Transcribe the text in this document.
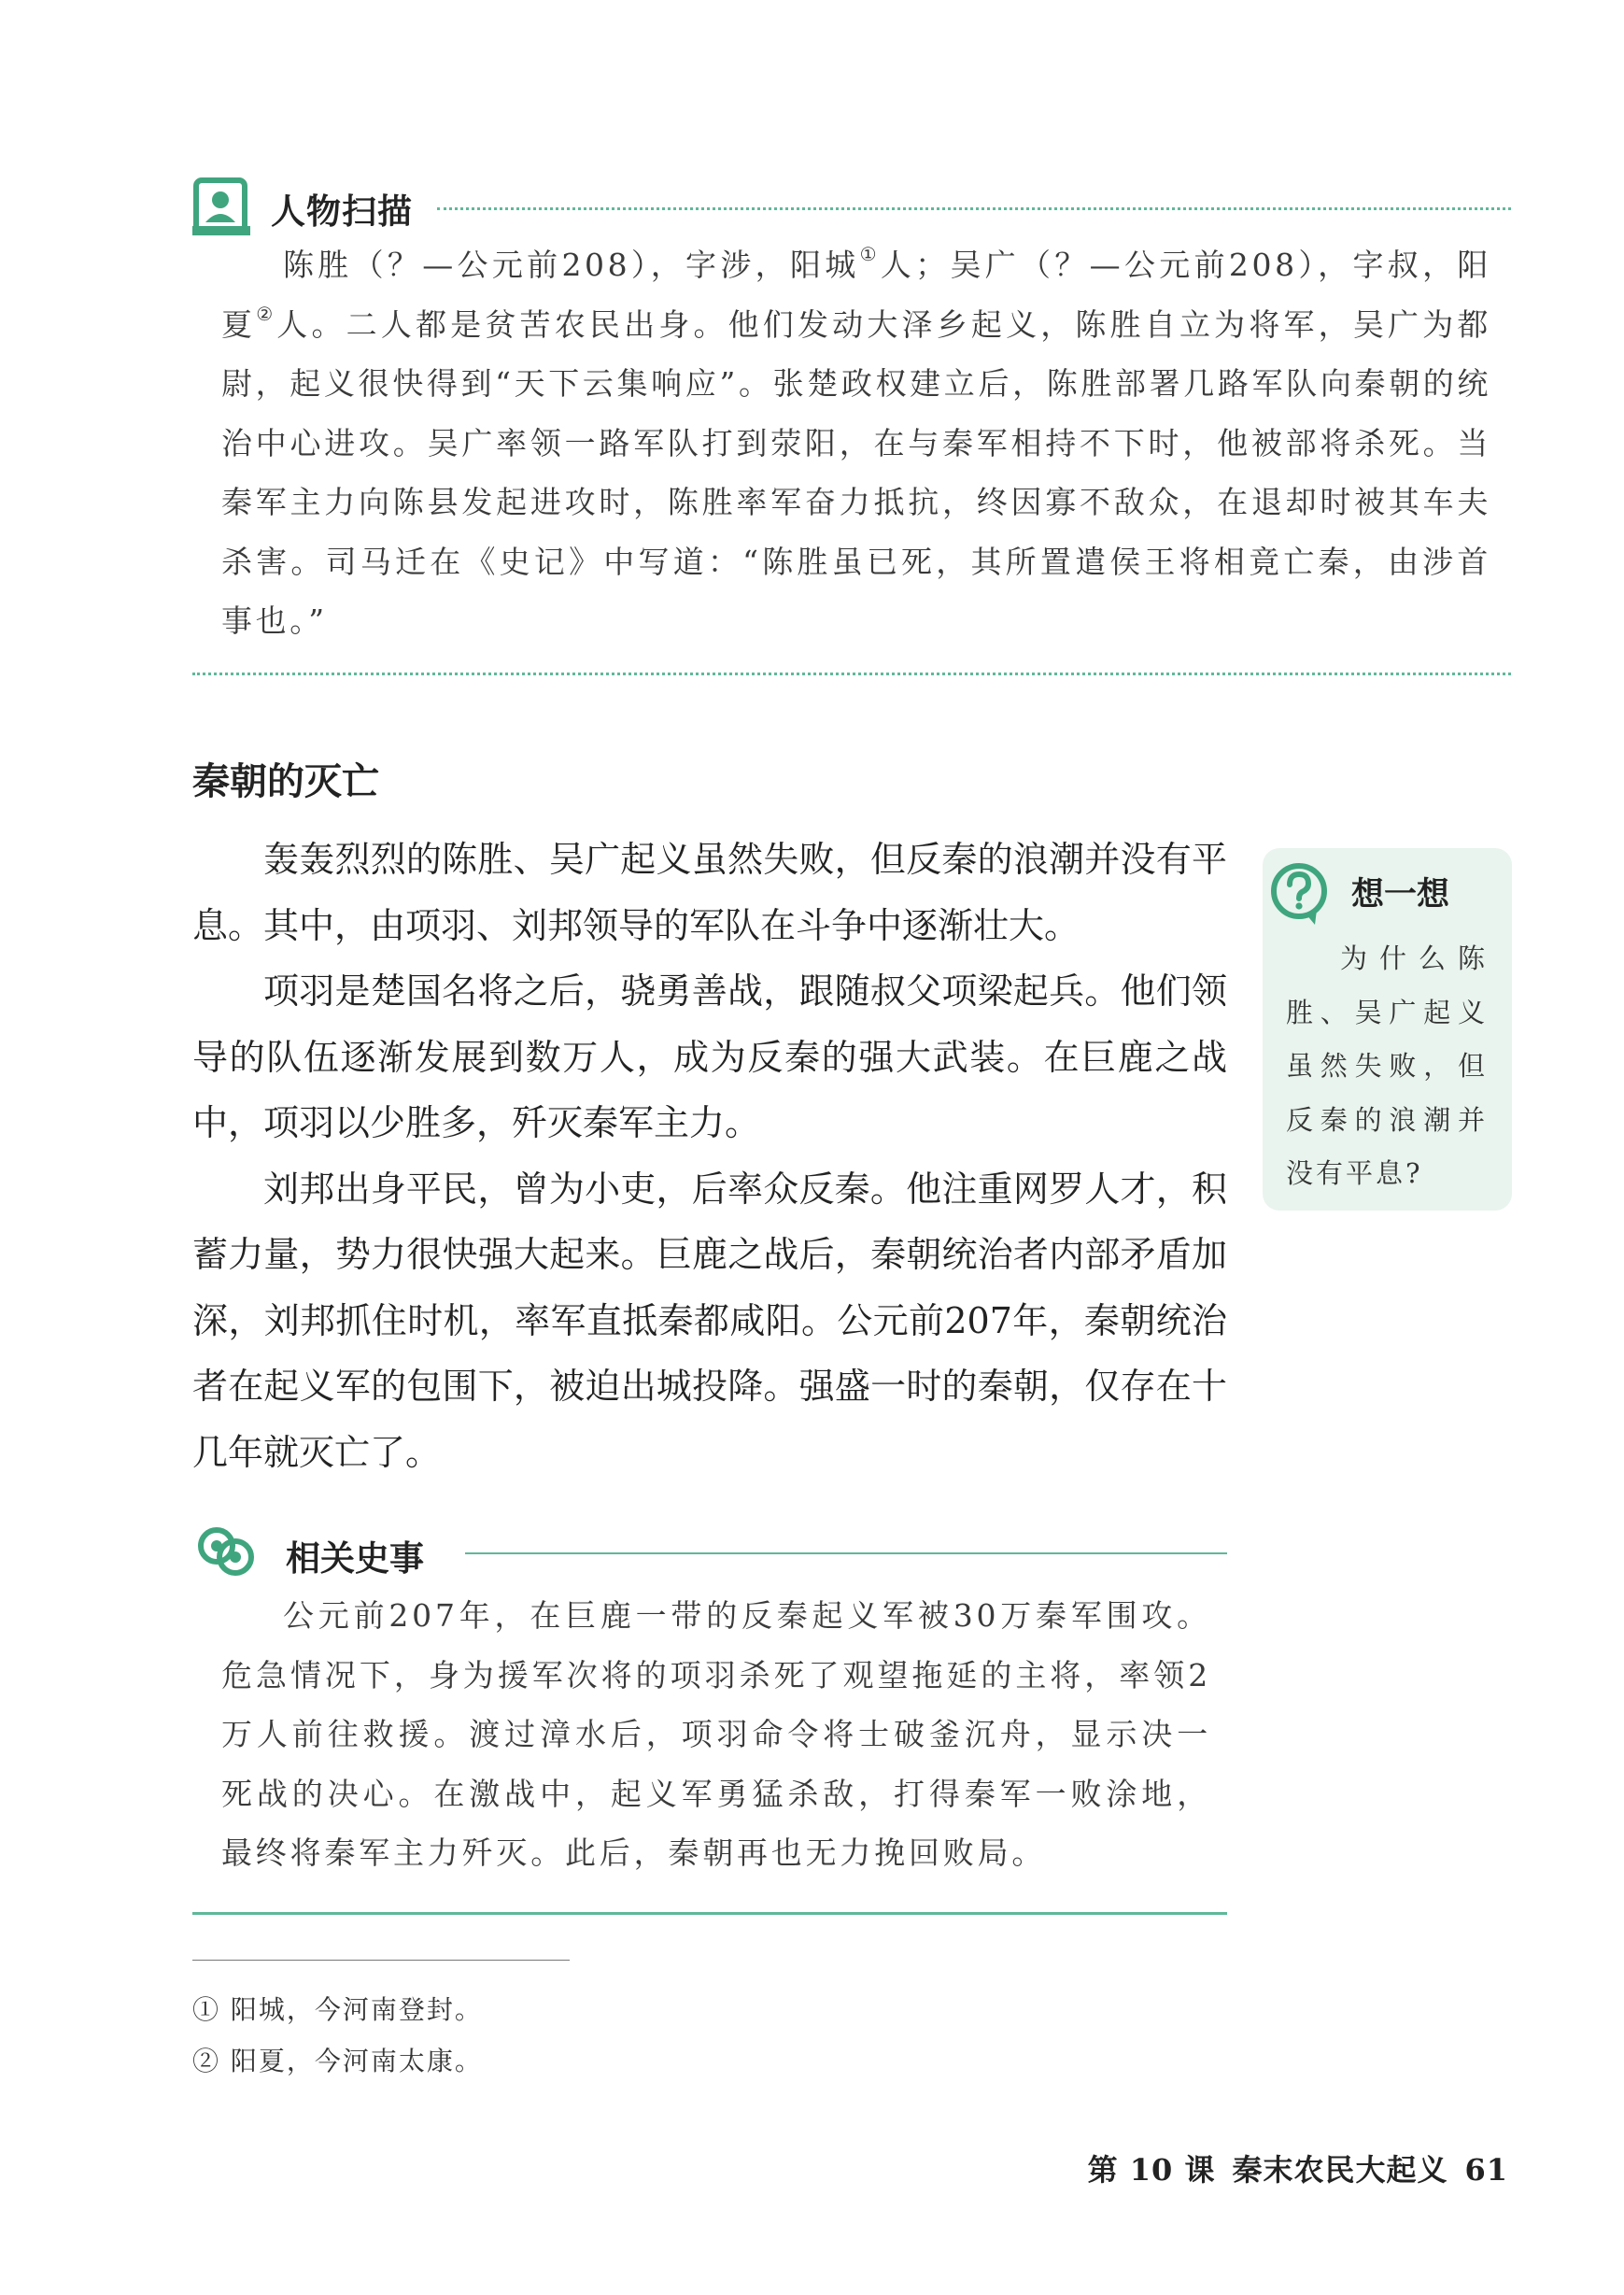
人物扫描

陈胜（？—公元前208），字涉，阳城①人；吴广（？—公元前208），字叔，阳夏②人。二人都是贫苦农民出身。他们发动大泽乡起义，陈胜自立为将军，吴广为都尉，起义很快得到“天下云集响应”。张楚政权建立后，陈胜部署几路军队向秦朝的统治中心进攻。吴广率领一路军队打到荥阳，在与秦军相持不下时，他被部将杀死。当秦军主力向陈县发起进攻时，陈胜率军奋力抵抗，终因寡不敌众，在退却时被其车夫杀害。司马迁在《史记》中写道：“陈胜虽已死，其所置遣侯王将相竟亡秦，由涉首事也。”

秦朝的灭亡

轰轰烈烈的陈胜、吴广起义虽然失败，但反秦的浪潮并没有平息。其中，由项羽、刘邦领导的军队在斗争中逐渐壮大。

项羽是楚国名将之后，骁勇善战，跟随叔父项梁起兵。他们领导的队伍逐渐发展到数万人，成为反秦的强大武装。在巨鹿之战中，项羽以少胜多，歼灭秦军主力。

刘邦出身平民，曾为小吏，后率众反秦。他注重网罗人才，积蓄力量，势力很快强大起来。巨鹿之战后，秦朝统治者内部矛盾加深，刘邦抓住时机，率军直抵秦都咸阳。公元前207年，秦朝统治者在起义军的包围下，被迫出城投降。强盛一时的秦朝，仅存在十几年就灭亡了。

想一想

为什么陈胜、吴广起义虽然失败，但反秦的浪潮并没有平息?

相关史事

公元前207年，在巨鹿一带的反秦起义军被30万秦军围攻。危急情况下，身为援军次将的项羽杀死了观望拖延的主将，率领2万人前往救援。渡过漳水后，项羽命令将士破釜沉舟，显示决一死战的决心。在激战中，起义军勇猛杀敌，打得秦军一败涂地，最终将秦军主力歼灭。此后，秦朝再也无力挽回败局。

① 阳城，今河南登封。
② 阳夏，今河南太康。
第 10 课 秦末农民大起义 61
